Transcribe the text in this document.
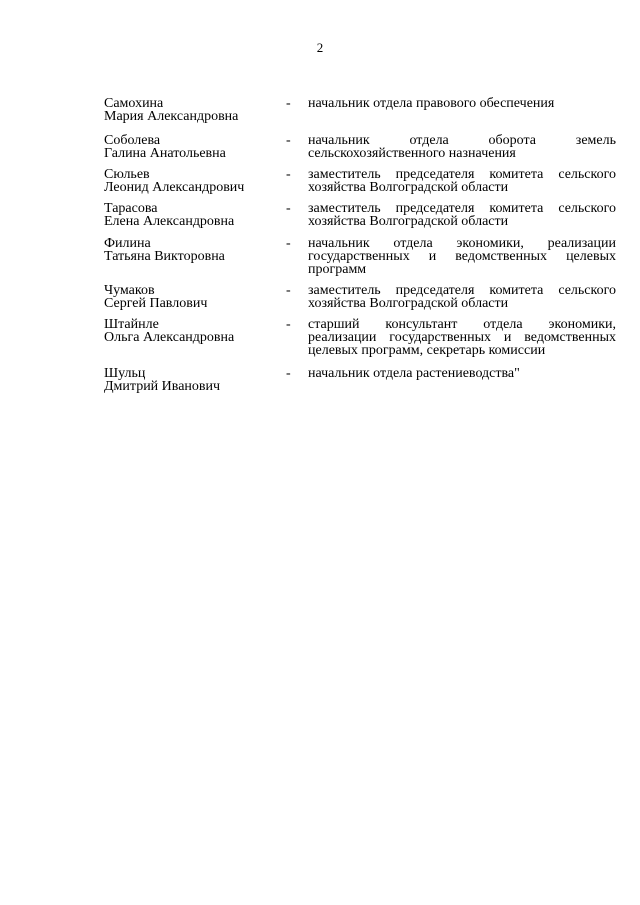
2
Самохина
Мария Александровна
-	начальник отдела правового обеспечения
Соболева
Галина Анатольевна
-	начальник отдела оборота земель сельскохозяйственного назначения
Сюльев
Леонид Александрович
-	заместитель председателя комитета сельского хозяйства Волгоградской области
Тарасова
Елена Александровна
-	заместитель председателя комитета сельского хозяйства Волгоградской области
Филина
Татьяна Викторовна
-	начальник отдела экономики, реализации государственных и ведомственных целевых программ
Чумаков
Сергей Павлович
-	заместитель председателя комитета сельского хозяйства Волгоградской области
Штайнле
Ольга Александровна
-	старший консультант отдела экономики, реализации государственных и ведомственных целевых программ, секретарь комиссии
Шульц
Дмитрий Иванович
-	начальник отдела растениеводства"
